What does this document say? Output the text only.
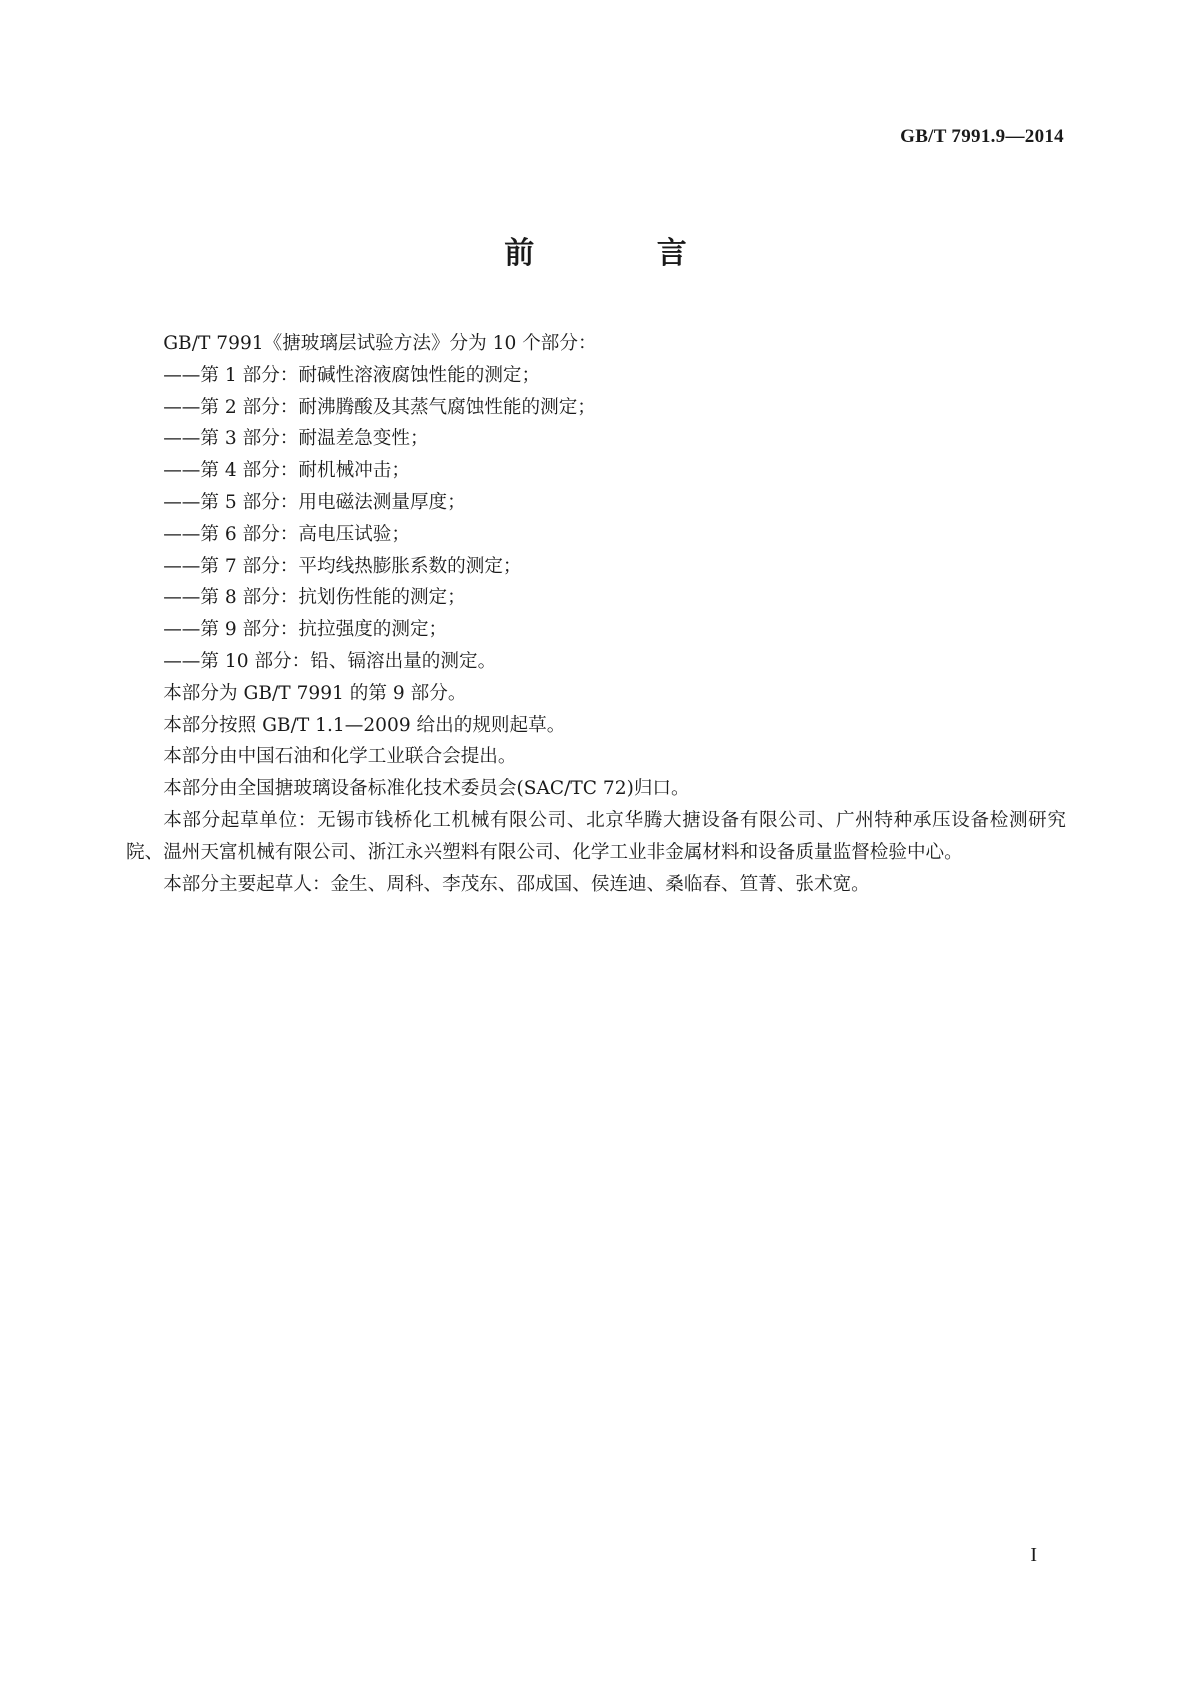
GB/T 7991.9—2014
前 言

GB/T 7991《搪玻璃层试验方法》分为 10 个部分：

——第 1 部分：耐碱性溶液腐蚀性能的测定；

——第 2 部分：耐沸腾酸及其蒸气腐蚀性能的测定；

——第 3 部分：耐温差急变性；

——第 4 部分：耐机械冲击；

——第 5 部分：用电磁法测量厚度；

——第 6 部分：高电压试验；

——第 7 部分：平均线热膨胀系数的测定；

——第 8 部分：抗划伤性能的测定；

——第 9 部分：抗拉强度的测定；

——第 10 部分：铅、镉溶出量的测定。

本部分为 GB/T 7991 的第 9 部分。

本部分按照 GB/T 1.1—2009 给出的规则起草。

本部分由中国石油和化学工业联合会提出。

本部分由全国搪玻璃设备标准化技术委员会(SAC/TC 72)归口。

本部分起草单位：无锡市钱桥化工机械有限公司、北京华腾大搪设备有限公司、广州特种承压设备检测研究院、温州天富机械有限公司、浙江永兴塑料有限公司、化学工业非金属材料和设备质量监督检验中心。

本部分主要起草人：金生、周科、李茂东、邵成国、侯连迪、桑临春、笪菁、张术宽。

I
